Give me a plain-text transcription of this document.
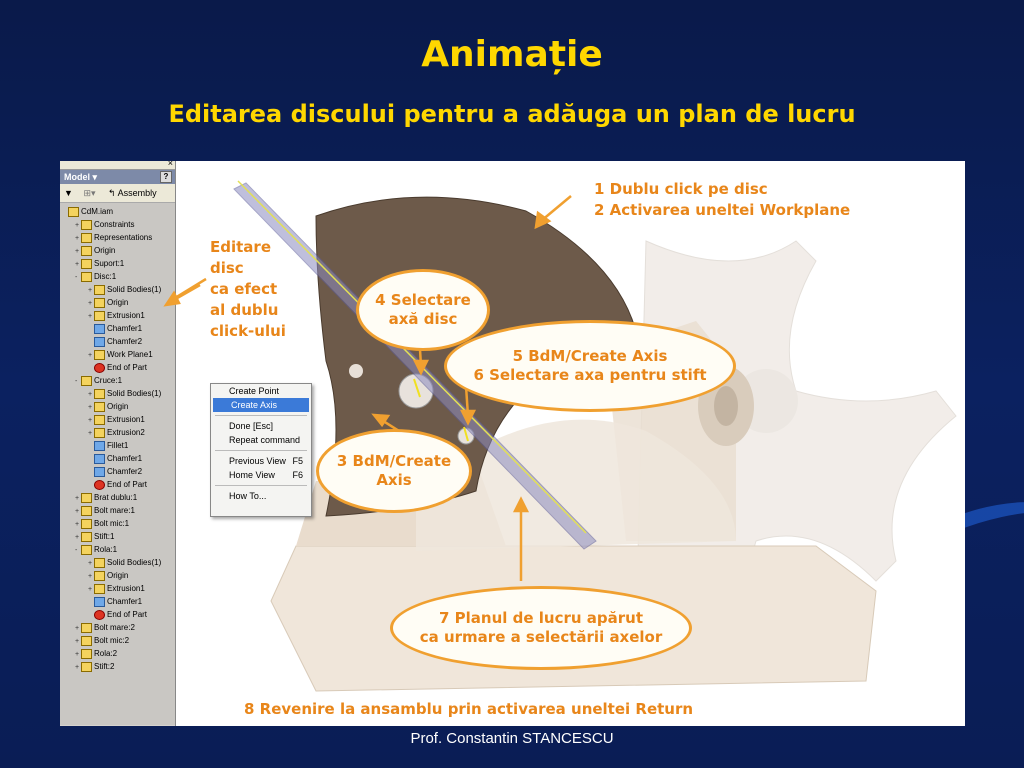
Animație
Editarea discului pentru a adăuga un plan de lucru
×
Model ▾	?
▼ ⊞▾ ↰ Assembly
CdM.iam
+ Constraints
+ Representations
+ Origin
+ Suport:1
- Disc:1
+ Solid Bodies(1)
+ Origin
+ Extrusion1
Chamfer1
Chamfer2
+ Work Plane1
End of Part
- Cruce:1
+ Solid Bodies(1)
+ Origin
+ Extrusion1
+ Extrusion2
Fillet1
Chamfer1
Chamfer2
End of Part
+ Brat dublu:1
+ Bolt mare:1
+ Bolt mic:1
+ Stift:1
- Rola:1
+ Solid Bodies(1)
+ Origin
+ Extrusion1
Chamfer1
End of Part
+ Bolt mare:2
+ Bolt mic:2
+ Rola:2
+ Stift:2
Create Point
Create Axis
Done [Esc]
Repeat command
Previous View F5
Home View F6
How To...
1 Dublu click pe disc
2 Activarea uneltei Workplane
Editare
disc
ca efect
al dublu
click-ului
4 Selectare
axă disc
5 BdM/Create Axis
6 Selectare axa pentru stift
3 BdM/Create
Axis
7 Planul de lucru apărut
ca urmare a selectării axelor
8 Revenire la ansamblu prin activarea uneltei Return
Prof. Constantin STANCESCU
